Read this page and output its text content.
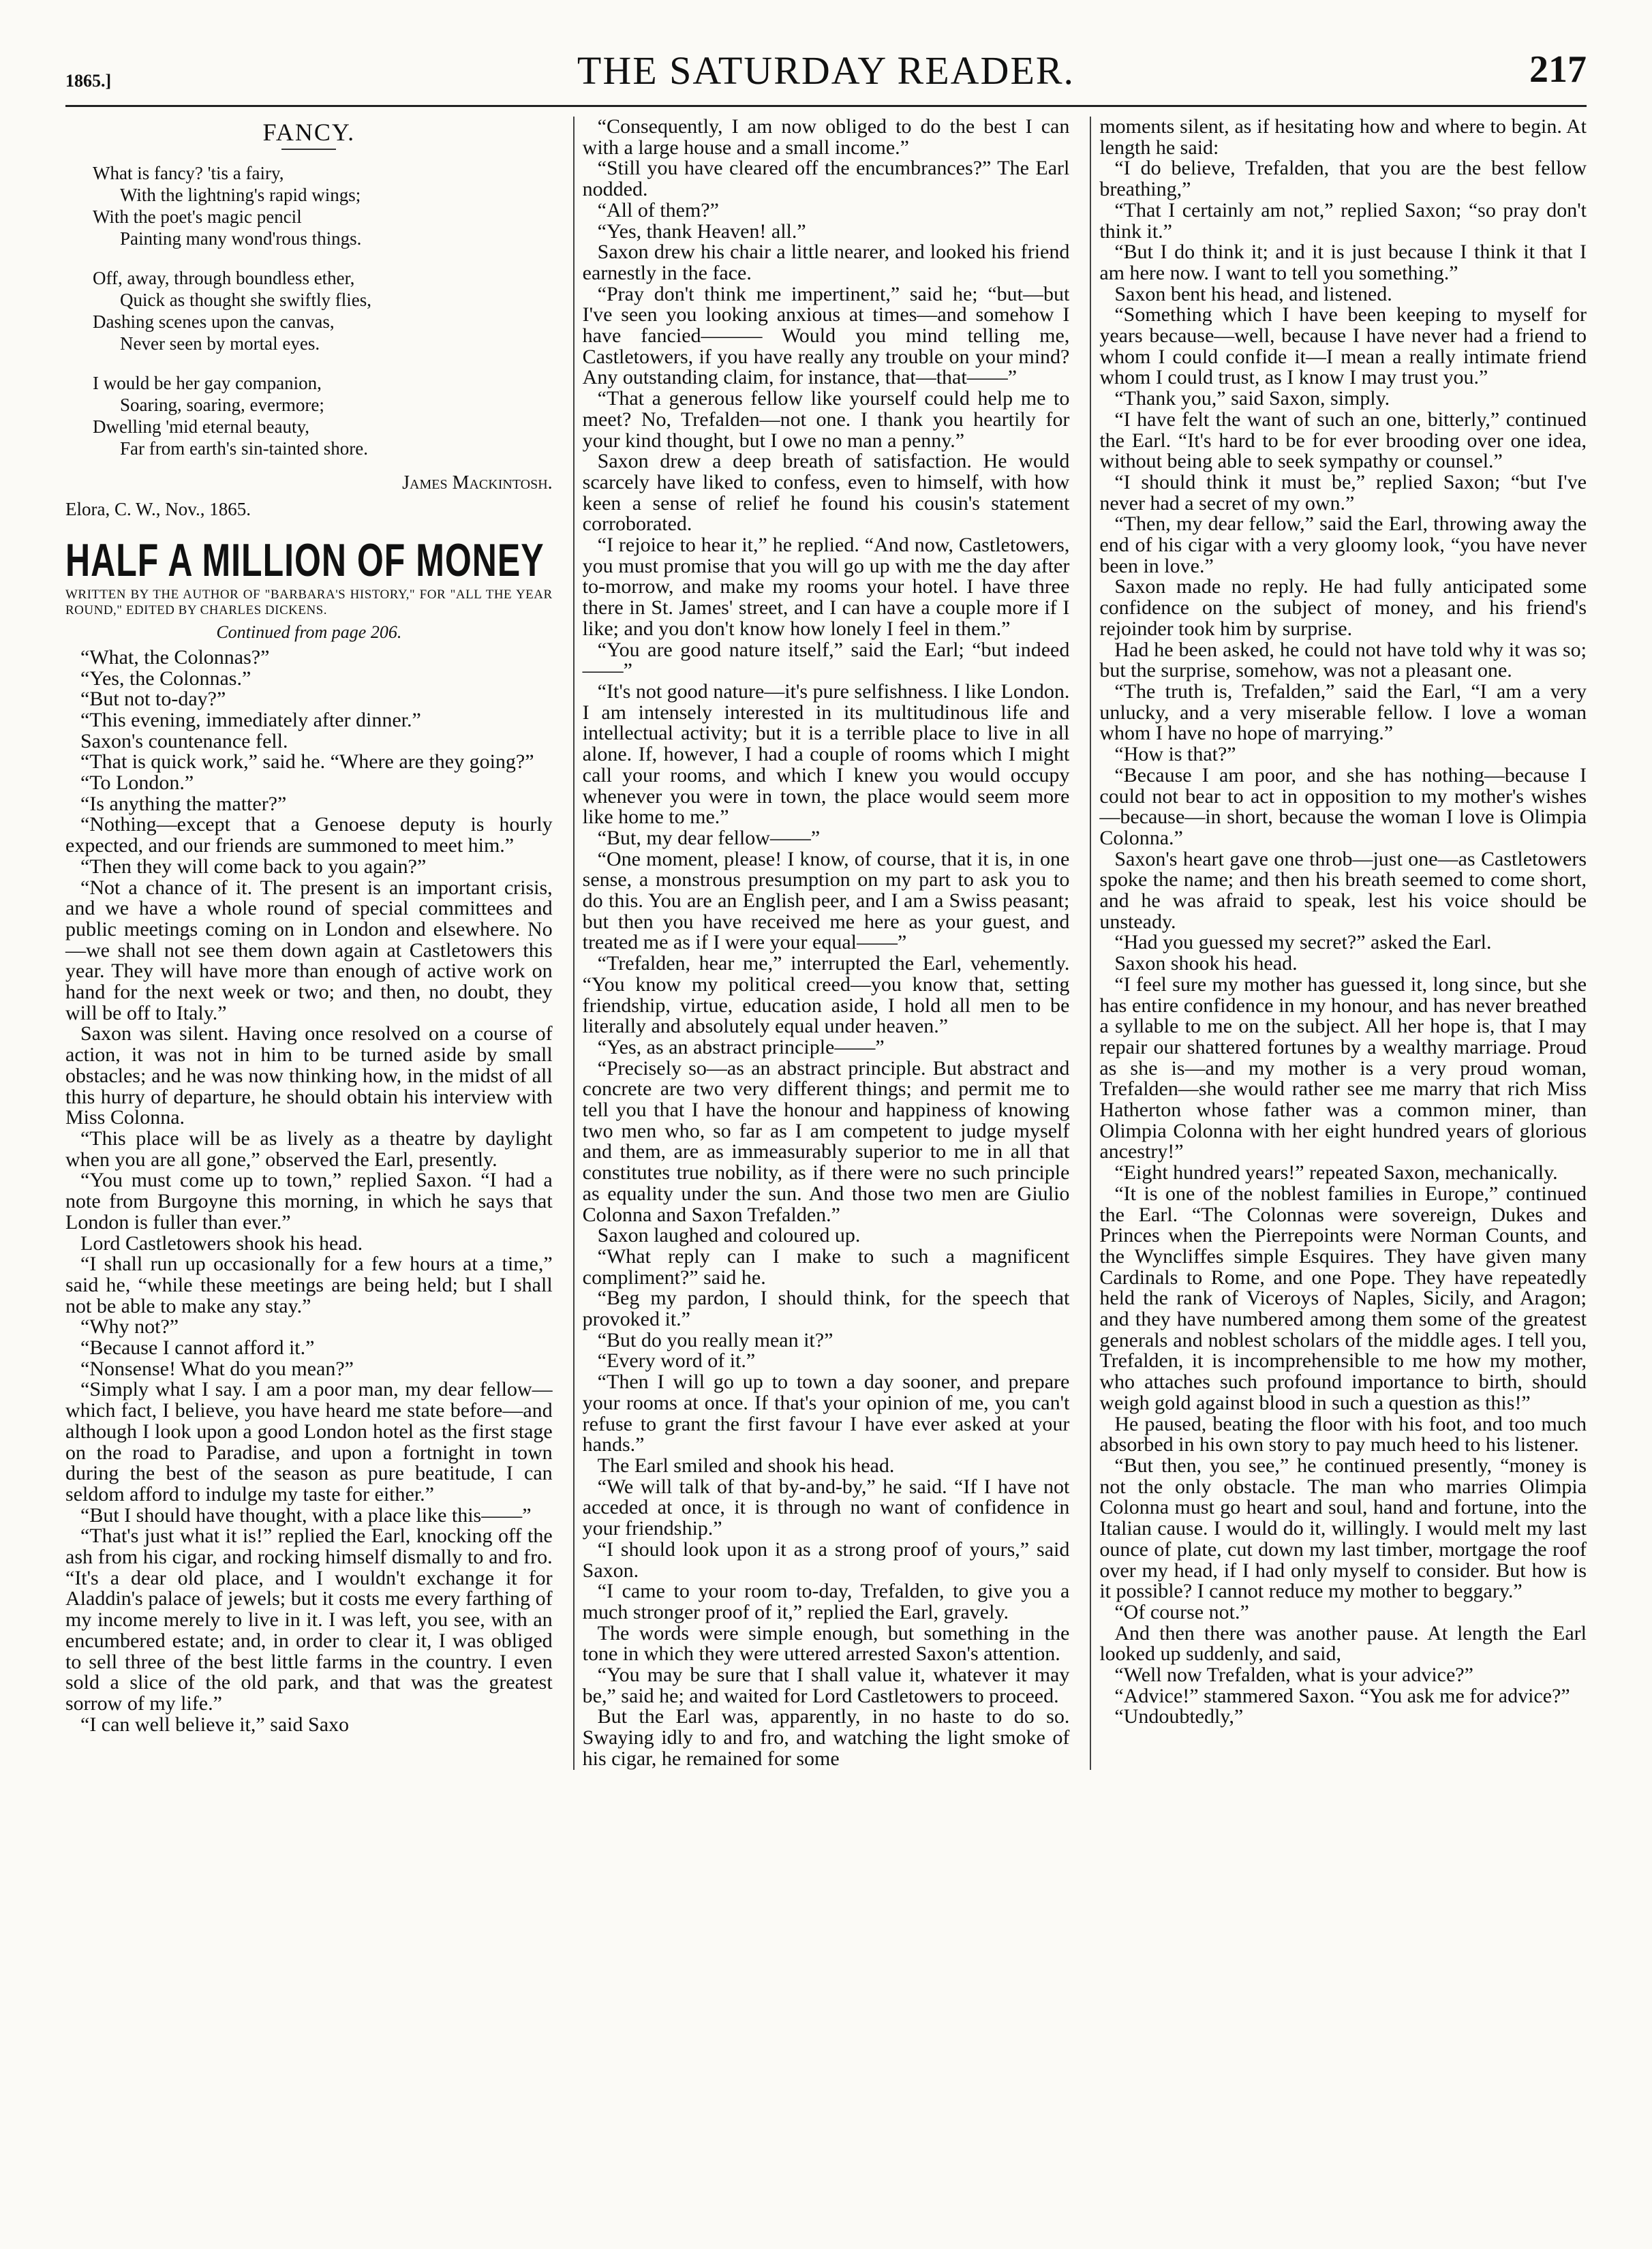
1865.]	THE SATURDAY READER.	217
FANCY.
What is fancy? 'tis a fairy,
With the lightning's rapid wings;
With the poet's magic pencil
Painting many wond'rous things.
Off, away, through boundless ether,
Quick as thought she swiftly flies,
Dashing scenes upon the canvas,
Never seen by mortal eyes.
I would be her gay companion,
Soaring, soaring, evermore;
Dwelling 'mid eternal beauty,
Far from earth's sin-tainted shore.
James Mackintosh.
Elora, C. W., Nov., 1865.
HALF A MILLION OF MONEY
WRITTEN BY THE AUTHOR OF "BARBARA'S HISTORY," FOR "ALL THE YEAR ROUND," EDITED BY CHARLES DICKENS.
Continued from page 206.

“What, the Colonnas?”

“Yes, the Colonnas.”

“But not to-day?”

“This evening, immediately after dinner.”

Saxon's countenance fell.

“That is quick work,” said he. “Where are they going?”

“To London.”

“Is anything the matter?”

“Nothing—except that a Genoese deputy is hourly expected, and our friends are summoned to meet him.”

“Then they will come back to you again?”

“Not a chance of it. The present is an important crisis, and we have a whole round of special committees and public meetings coming on in London and elsewhere. No—we shall not see them down again at Castletowers this year. They will have more than enough of active work on hand for the next week or two; and then, no doubt, they will be off to Italy.”

Saxon was silent. Having once resolved on a course of action, it was not in him to be turned aside by small obstacles; and he was now thinking how, in the midst of all this hurry of departure, he should obtain his interview with Miss Colonna.

“This place will be as lively as a theatre by daylight when you are all gone,” observed the Earl, presently.

“You must come up to town,” replied Saxon. “I had a note from Burgoyne this morning, in which he says that London is fuller than ever.”

Lord Castletowers shook his head.

“I shall run up occasionally for a few hours at a time,” said he, “while these meetings are being held; but I shall not be able to make any stay.”

“Why not?”

“Because I cannot afford it.”

“Nonsense! What do you mean?”

“Simply what I say. I am a poor man, my dear fellow—which fact, I believe, you have heard me state before—and although I look upon a good London hotel as the first stage on the road to Paradise, and upon a fortnight in town during the best of the season as pure beatitude, I can seldom afford to indulge my taste for either.”

“But I should have thought, with a place like this——”

“That's just what it is!” replied the Earl, knocking off the ash from his cigar, and rocking himself dismally to and fro. “It's a dear old place, and I wouldn't exchange it for Aladdin's palace of jewels; but it costs me every farthing of my income merely to live in it. I was left, you see, with an encumbered estate; and, in order to clear it, I was obliged to sell three of the best little farms in the country. I even sold a slice of the old park, and that was the greatest sorrow of my life.”

“I can well believe it,” said Saxo

“Consequently, I am now obliged to do the best I can with a large house and a small income.”

“Still you have cleared off the encumbrances?” The Earl nodded.

“All of them?”

“Yes, thank Heaven! all.”

Saxon drew his chair a little nearer, and looked his friend earnestly in the face.

“Pray don't think me impertinent,” said he; “but—but I've seen you looking anxious at times—and somehow I have fancied——— Would you mind telling me, Castletowers, if you have really any trouble on your mind? Any outstanding claim, for instance, that—that——”

“That a generous fellow like yourself could help me to meet? No, Trefalden—not one. I thank you heartily for your kind thought, but I owe no man a penny.”

Saxon drew a deep breath of satisfaction. He would scarcely have liked to confess, even to himself, with how keen a sense of relief he found his cousin's statement corroborated.

“I rejoice to hear it,” he replied. “And now, Castletowers, you must promise that you will go up with me the day after to-morrow, and make my rooms your hotel. I have three there in St. James' street, and I can have a couple more if I like; and you don't know how lonely I feel in them.”

“You are good nature itself,” said the Earl; “but indeed——”

“It's not good nature—it's pure selfishness. I like London. I am intensely interested in its multitudinous life and intellectual activity; but it is a terrible place to live in all alone. If, however, I had a couple of rooms which I might call your rooms, and which I knew you would occupy whenever you were in town, the place would seem more like home to me.”

“But, my dear fellow——”

“One moment, please! I know, of course, that it is, in one sense, a monstrous presumption on my part to ask you to do this. You are an English peer, and I am a Swiss peasant; but then you have received me here as your guest, and treated me as if I were your equal——”

“Trefalden, hear me,” interrupted the Earl, vehemently. “You know my political creed—you know that, setting friendship, virtue, education aside, I hold all men to be literally and absolutely equal under heaven.”

“Yes, as an abstract principle——”

“Precisely so—as an abstract principle. But abstract and concrete are two very different things; and permit me to tell you that I have the honour and happiness of knowing two men who, so far as I am competent to judge myself and them, are as immeasurably superior to me in all that constitutes true nobility, as if there were no such principle as equality under the sun. And those two men are Giulio Colonna and Saxon Trefalden.”

Saxon laughed and coloured up.

“What reply can I make to such a magnificent compliment?” said he.

“Beg my pardon, I should think, for the speech that provoked it.”

“But do you really mean it?”

“Every word of it.”

“Then I will go up to town a day sooner, and prepare your rooms at once. If that's your opinion of me, you can't refuse to grant the first favour I have ever asked at your hands.”

The Earl smiled and shook his head.

“We will talk of that by-and-by,” he said. “If I have not acceded at once, it is through no want of confidence in your friendship.”

“I should look upon it as a strong proof of yours,” said Saxon.

“I came to your room to-day, Trefalden, to give you a much stronger proof of it,” replied the Earl, gravely.

The words were simple enough, but something in the tone in which they were uttered arrested Saxon's attention.

“You may be sure that I shall value it, whatever it may be,” said he; and waited for Lord Castletowers to proceed.

But the Earl was, apparently, in no haste to do so. Swaying idly to and fro, and watching the light smoke of his cigar, he remained for some

moments silent, as if hesitating how and where to begin. At length he said:

“I do believe, Trefalden, that you are the best fellow breathing,”

“That I certainly am not,” replied Saxon; “so pray don't think it.”

“But I do think it; and it is just because I think it that I am here now. I want to tell you something.”

Saxon bent his head, and listened.

“Something which I have been keeping to myself for years because—well, because I have never had a friend to whom I could confide it—I mean a really intimate friend whom I could trust, as I know I may trust you.”

“Thank you,” said Saxon, simply.

“I have felt the want of such an one, bitterly,” continued the Earl. “It's hard to be for ever brooding over one idea, without being able to seek sympathy or counsel.”

“I should think it must be,” replied Saxon; “but I've never had a secret of my own.”

“Then, my dear fellow,” said the Earl, throwing away the end of his cigar with a very gloomy look, “you have never been in love.”

Saxon made no reply. He had fully anticipated some confidence on the subject of money, and his friend's rejoinder took him by surprise.

Had he been asked, he could not have told why it was so; but the surprise, somehow, was not a pleasant one.

“The truth is, Trefalden,” said the Earl, “I am a very unlucky, and a very miserable fellow. I love a woman whom I have no hope of marrying.”

“How is that?”

“Because I am poor, and she has nothing—because I could not bear to act in opposition to my mother's wishes—because—in short, because the woman I love is Olimpia Colonna.”

Saxon's heart gave one throb—just one—as Castletowers spoke the name; and then his breath seemed to come short, and he was afraid to speak, lest his voice should be unsteady.

“Had you guessed my secret?” asked the Earl.

Saxon shook his head.

“I feel sure my mother has guessed it, long since, but she has entire confidence in my honour, and has never breathed a syllable to me on the subject. All her hope is, that I may repair our shattered fortunes by a wealthy marriage. Proud as she is—and my mother is a very proud woman, Trefalden—she would rather see me marry that rich Miss Hatherton whose father was a common miner, than Olimpia Colonna with her eight hundred years of glorious ancestry!”

“Eight hundred years!” repeated Saxon, mechanically.

“It is one of the noblest families in Europe,” continued the Earl. “The Colonnas were sovereign, Dukes and Princes when the Pierrepoints were Norman Counts, and the Wyncliffes simple Esquires. They have given many Cardinals to Rome, and one Pope. They have repeatedly held the rank of Viceroys of Naples, Sicily, and Aragon; and they have numbered among them some of the greatest generals and noblest scholars of the middle ages. I tell you, Trefalden, it is incomprehensible to me how my mother, who attaches such profound importance to birth, should weigh gold against blood in such a question as this!”

He paused, beating the floor with his foot, and too much absorbed in his own story to pay much heed to his listener.

“But then, you see,” he continued presently, “money is not the only obstacle. The man who marries Olimpia Colonna must go heart and soul, hand and fortune, into the Italian cause. I would do it, willingly. I would melt my last ounce of plate, cut down my last timber, mortgage the roof over my head, if I had only myself to consider. But how is it possible? I cannot reduce my mother to beggary.”

“Of course not.”

And then there was another pause. At length the Earl looked up suddenly, and said,

“Well now Trefalden, what is your advice?”

“Advice!” stammered Saxon. “You ask me for advice?”

“Undoubtedly,”
